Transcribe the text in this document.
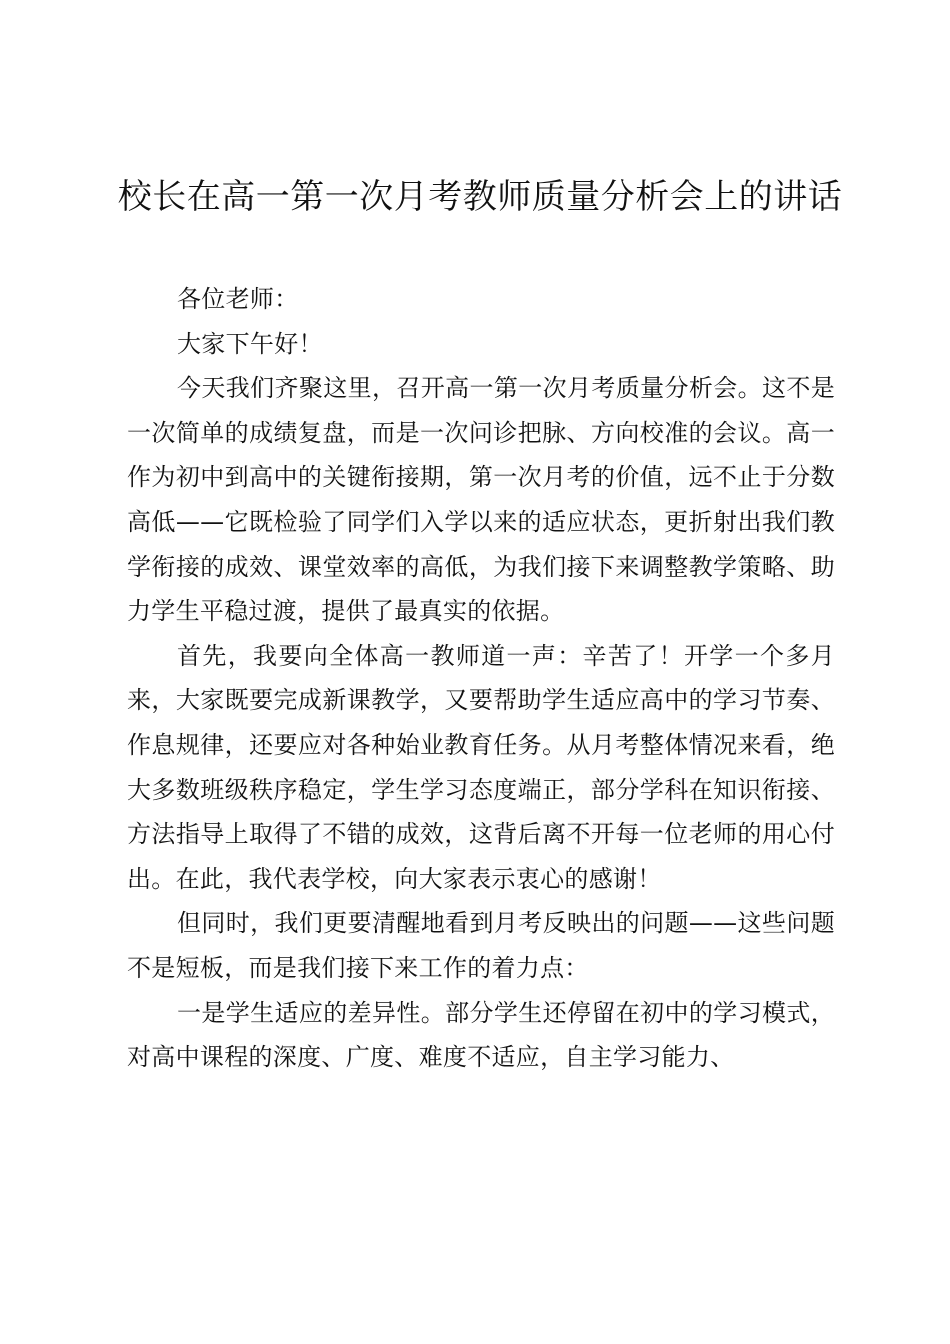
校长在高一第一次月考教师质量分析会上的讲话

各位老师：

大家下午好！

今天我们齐聚这里，召开高一第一次月考质量分析会。这不是一次简单的成绩复盘，而是一次问诊把脉、方向校准的会议。高一作为初中到高中的关键衔接期，第一次月考的价值，远不止于分数高低——它既检验了同学们入学以来的适应状态，更折射出我们教学衔接的成效、课堂效率的高低，为我们接下来调整教学策略、助力学生平稳过渡，提供了最真实的依据。

首先，我要向全体高一教师道一声：辛苦了！开学一个多月来，大家既要完成新课教学，又要帮助学生适应高中的学习节奏、作息规律，还要应对各种始业教育任务。从月考整体情况来看，绝大多数班级秩序稳定，学生学习态度端正，部分学科在知识衔接、方法指导上取得了不错的成效，这背后离不开每一位老师的用心付出。在此，我代表学校，向大家表示衷心的感谢！

但同时，我们更要清醒地看到月考反映出的问题——这些问题不是短板，而是我们接下来工作的着力点：

一是学生适应的差异性。部分学生还停留在初中的学习模式，对高中课程的深度、广度、难度不适应，自主学习能力、
